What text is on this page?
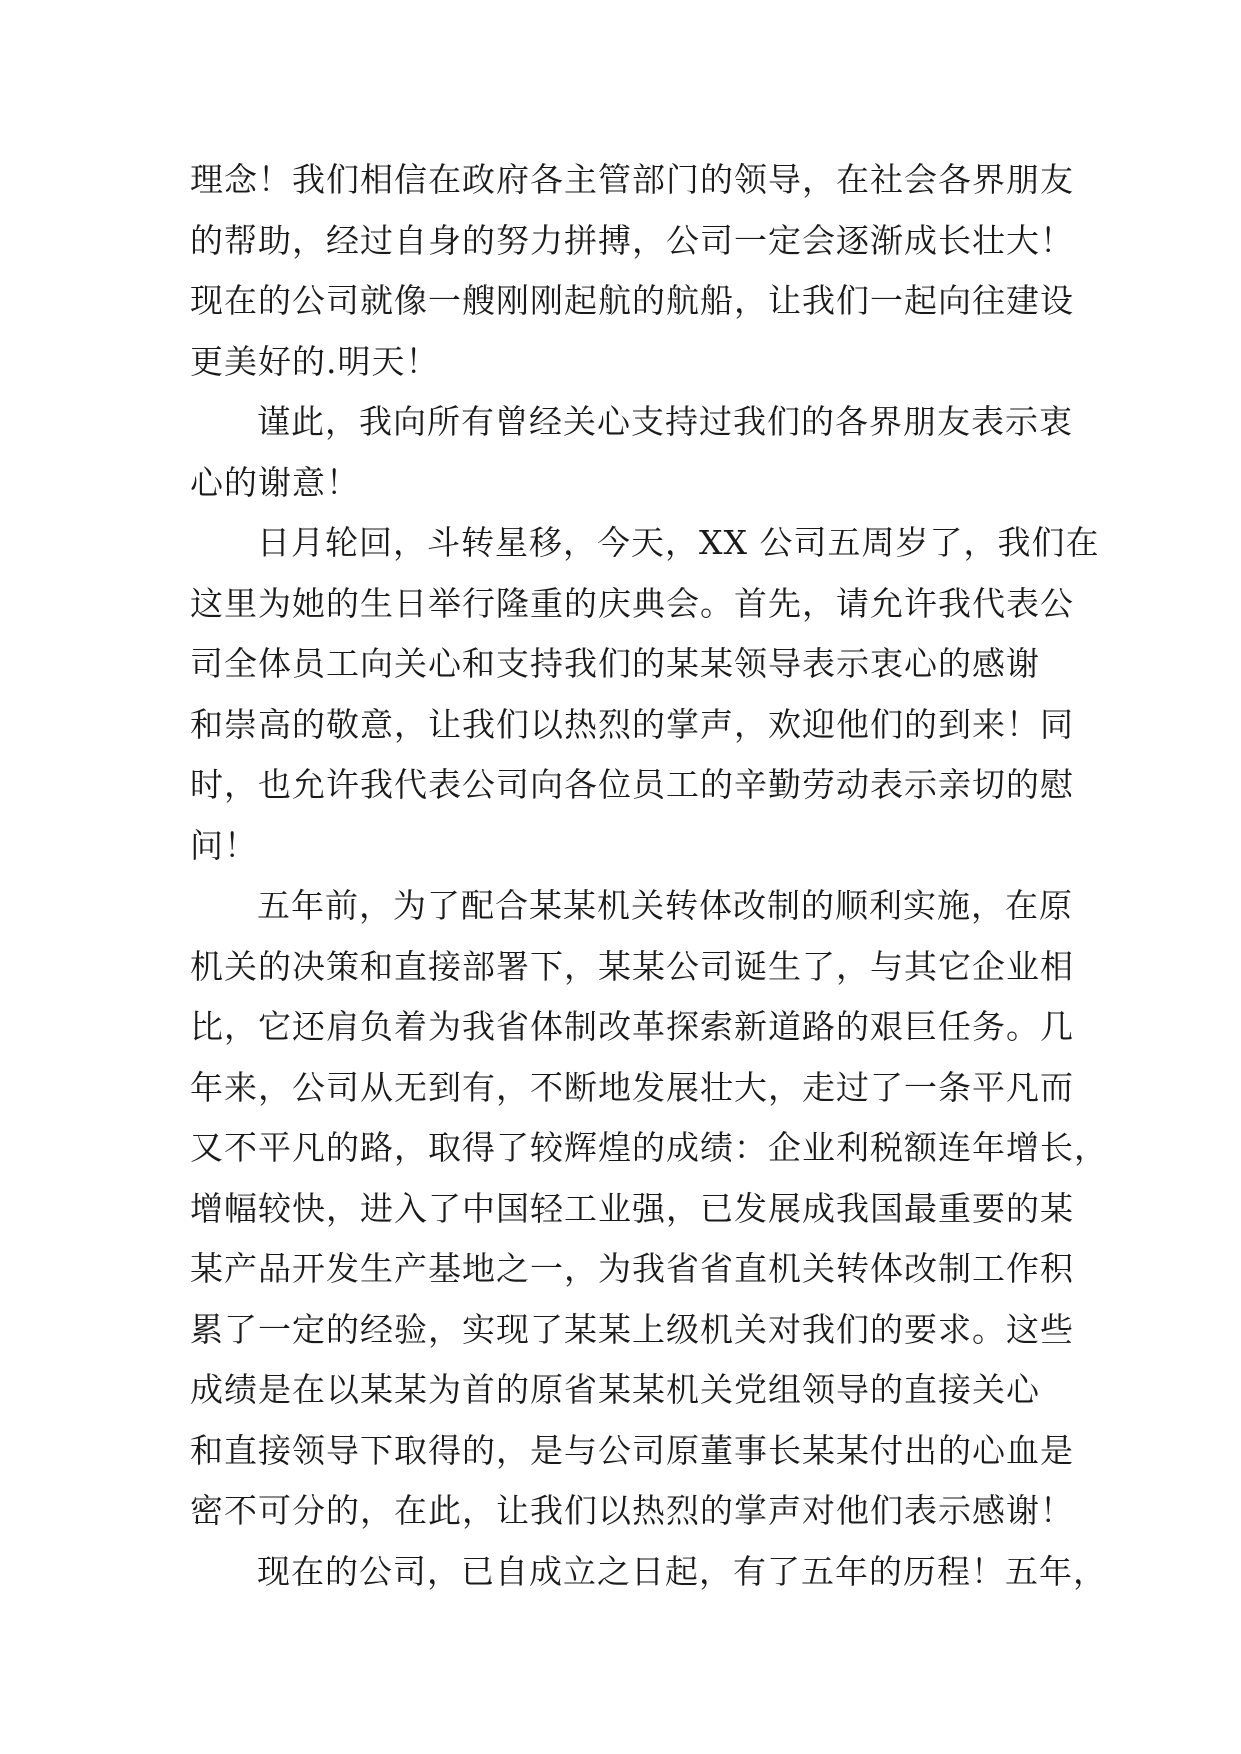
理念！我们相信在政府各主管部门的领导，在社会各界朋友
的帮助，经过自身的努力拼搏，公司一定会逐渐成长壮大！
现在的公司就像一艘刚刚起航的航船，让我们一起向往建设
更美好的.明天！
谨此，我向所有曾经关心支持过我们的各界朋友表示衷
心的谢意！
日月轮回，斗转星移，今天，XX 公司五周岁了，我们在
这里为她的生日举行隆重的庆典会。首先，请允许我代表公
司全体员工向关心和支持我们的某某领导表示衷心的感谢
和崇高的敬意，让我们以热烈的掌声，欢迎他们的到来！同
时，也允许我代表公司向各位员工的辛勤劳动表示亲切的慰
问！
五年前，为了配合某某机关转体改制的顺利实施，在原
机关的决策和直接部署下，某某公司诞生了，与其它企业相
比，它还肩负着为我省体制改革探索新道路的艰巨任务。几
年来，公司从无到有，不断地发展壮大，走过了一条平凡而
又不平凡的路，取得了较辉煌的成绩：企业利税额连年增长，
增幅较快，进入了中国轻工业强，已发展成我国最重要的某
某产品开发生产基地之一，为我省省直机关转体改制工作积
累了一定的经验，实现了某某上级机关对我们的要求。这些
成绩是在以某某为首的原省某某机关党组领导的直接关心
和直接领导下取得的，是与公司原董事长某某付出的心血是
密不可分的，在此，让我们以热烈的掌声对他们表示感谢！
现在的公司，已自成立之日起，有了五年的历程！五年，
